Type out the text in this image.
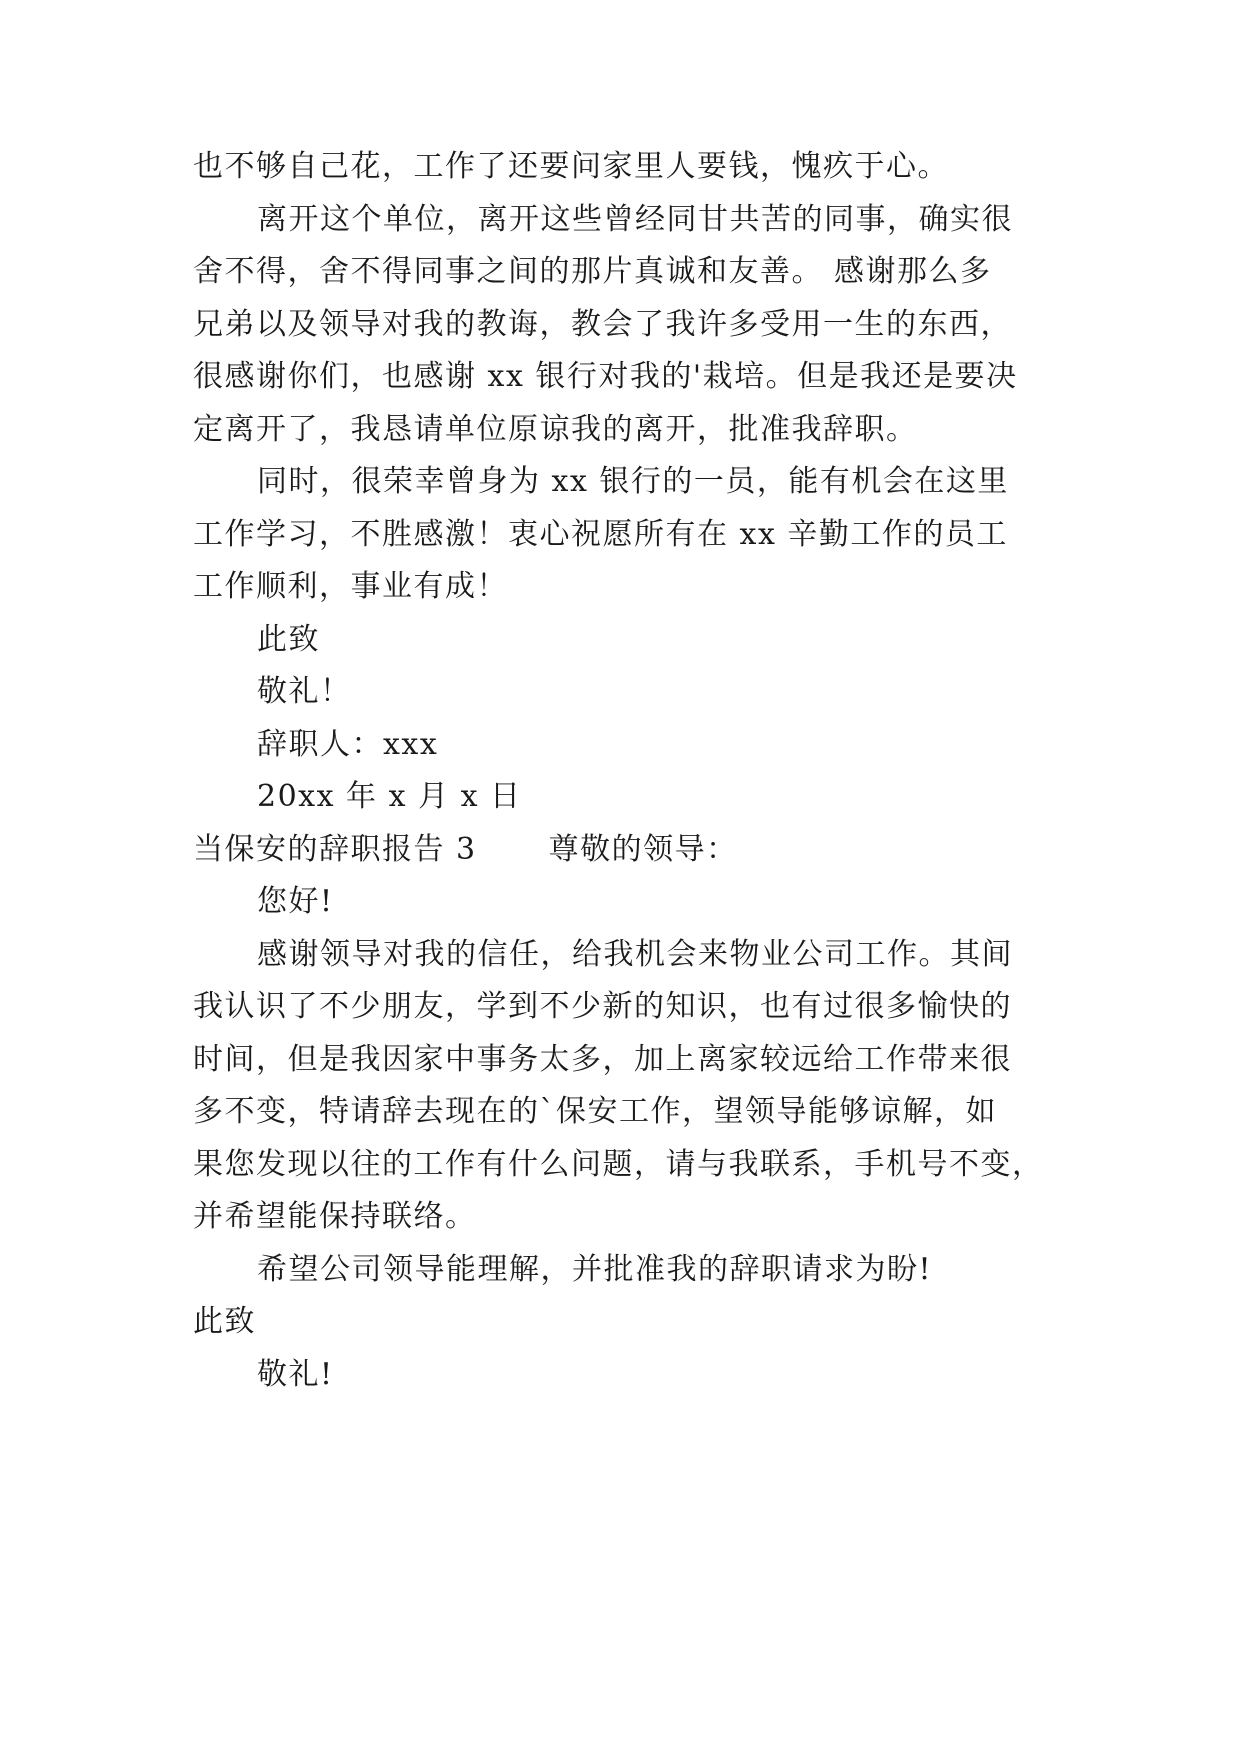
也不够自己花，工作了还要问家里人要钱，愧疚于心。
离开这个单位，离开这些曾经同甘共苦的同事，确实很
舍不得，舍不得同事之间的那片真诚和友善。 感谢那么多
兄弟以及领导对我的教诲，教会了我许多受用一生的东西，
很感谢你们，也感谢 xx 银行对我的'栽培。但是我还是要决
定离开了，我恳请单位原谅我的离开，批准我辞职。
同时，很荣幸曾身为 xx 银行的一员，能有机会在这里
工作学习，不胜感激！衷心祝愿所有在 xx 辛勤工作的员工
工作顺利，事业有成！
此致
敬礼！
辞职人：xxx
20xx 年 x 月 x 日
当保安的辞职报告 3 尊敬的领导：
您好!
感谢领导对我的信任，给我机会来物业公司工作。其间
我认识了不少朋友，学到不少新的知识，也有过很多愉快的
时间，但是我因家中事务太多，加上离家较远给工作带来很
多不变，特请辞去现在的`保安工作，望领导能够谅解，如
果您发现以往的工作有什么问题，请与我联系，手机号不变，
并希望能保持联络。
希望公司领导能理解，并批准我的辞职请求为盼!
此致
敬礼!
